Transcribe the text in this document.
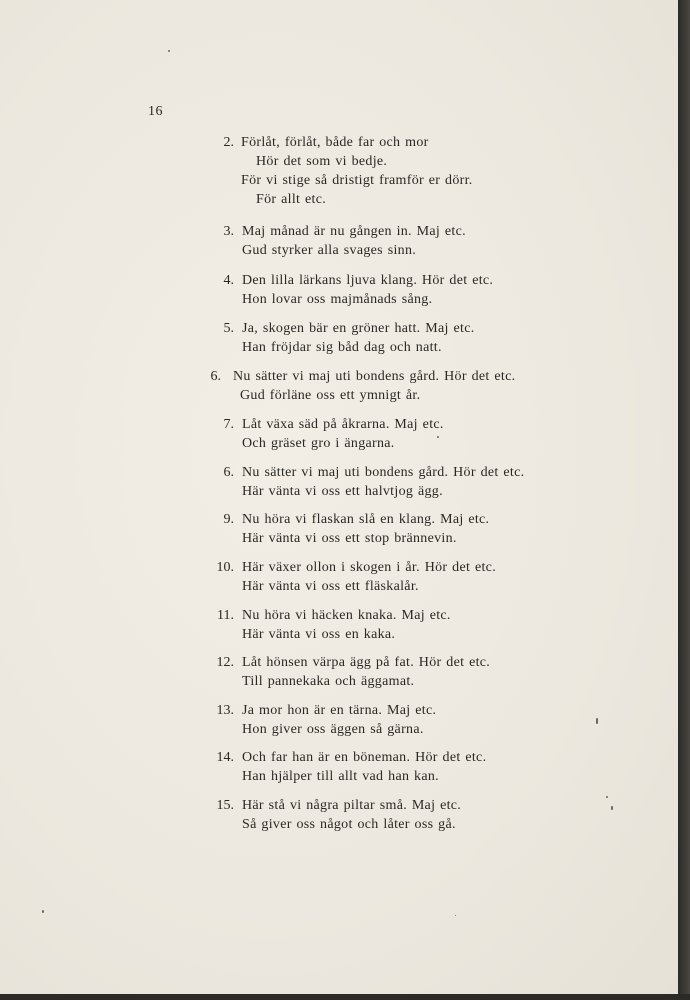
16
2. Förlåt, förlåt, både far och mor
Hör det som vi bedje.
För vi stige så dristigt framför er dörr.
För allt etc.
3. Maj månad är nu gången in. Maj etc.
Gud styrker alla svages sinn.
4. Den lilla lärkans ljuva klang. Hör det etc.
Hon lovar oss majmånads sång.
5. Ja, skogen bär en gröner hatt. Maj etc.
Han fröjdar sig båd dag och natt.
6. Nu sätter vi maj uti bondens gård. Hör det etc.
Gud förläne oss ett ymnigt år.
7. Låt växa säd på åkrarna. Maj etc.
Och gräset gro i ängarna.
6. Nu sätter vi maj uti bondens gård. Hör det etc.
Här vänta vi oss ett halvtjog ägg.
9. Nu höra vi flaskan slå en klang. Maj etc.
Här vänta vi oss ett stop brännevin.
10. Här växer ollon i skogen i år. Hör det etc.
Här vänta vi oss ett fläskalår.
11. Nu höra vi häcken knaka. Maj etc.
Här vänta vi oss en kaka.
12. Låt hönsen värpa ägg på fat. Hör det etc.
Till pannekaka och äggamat.
13. Ja mor hon är en tärna. Maj etc.
Hon giver oss äggen så gärna.
14. Och far han är en böneman. Hör det etc.
Han hjälper till allt vad han kan.
15. Här stå vi några piltar små. Maj etc.
Så giver oss något och låter oss gå.
